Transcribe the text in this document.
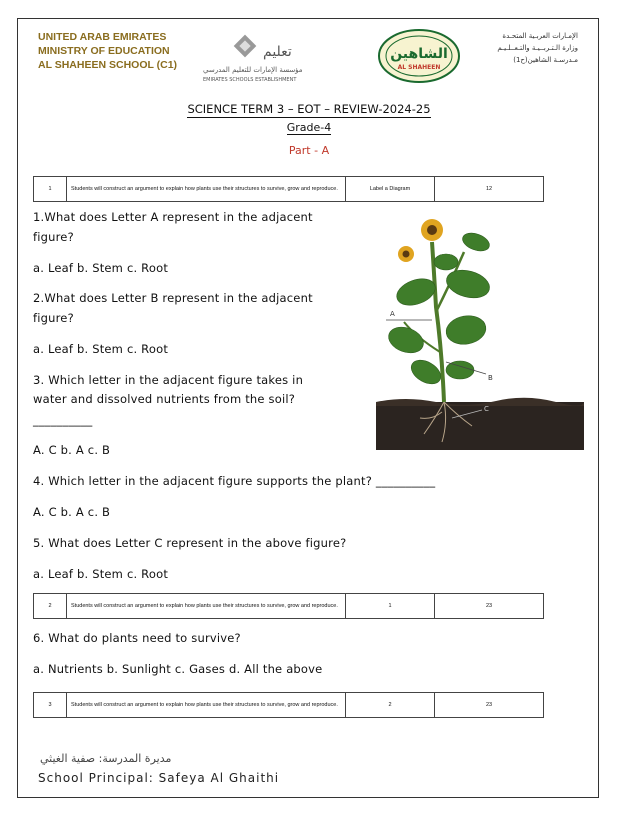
UNITED ARAB EMIRATES
MINISTRY OF EDUCATION
AL SHAHEEN SCHOOL (C1)
تعليم
مؤسسة الإمارات للتعليم المدرسي
EMIRATES SCHOOLS ESTABLISHMENT
الشاهين
AL SHAHEEN
الإمـارات العربـية المتحـدة
وزارة الـتـربــيـة والتـعــلـيـم
مـدرسـة الشاهين(ح1)
SCIENCE TERM 3 – EOT – REVIEW-2024-25
Grade-4
Part - A
1	Students will construct an argument to explain how plants use their structures to survive, grow and reproduce.	Label a Diagram	12
1.What does Letter A represent in the adjacent
figure?
a. Leaf b. Stem c. Root
2.What does Letter B represent in the adjacent
figure?
a. Leaf b. Stem c. Root
3. Which letter in the adjacent figure takes in
water and dissolved nutrients from the soil?
__________
A. C b. A c. B
4. Which letter in the adjacent figure supports the plant? __________
A. C b. A c. B
5. What does Letter C represent in the above figure?
a. Leaf b. Stem c. Root
2	Students will construct an argument to explain how plants use their structures to survive, grow and reproduce.	1	23
6. What do plants need to survive?
a. Nutrients b. Sunlight c. Gases d. All the above
3	Students will construct an argument to explain how plants use their structures to survive, grow and reproduce.	2	23
A
B
C
مديرة المدرسة: صفية الغيثي
School Principal: Safeya Al Ghaithi
